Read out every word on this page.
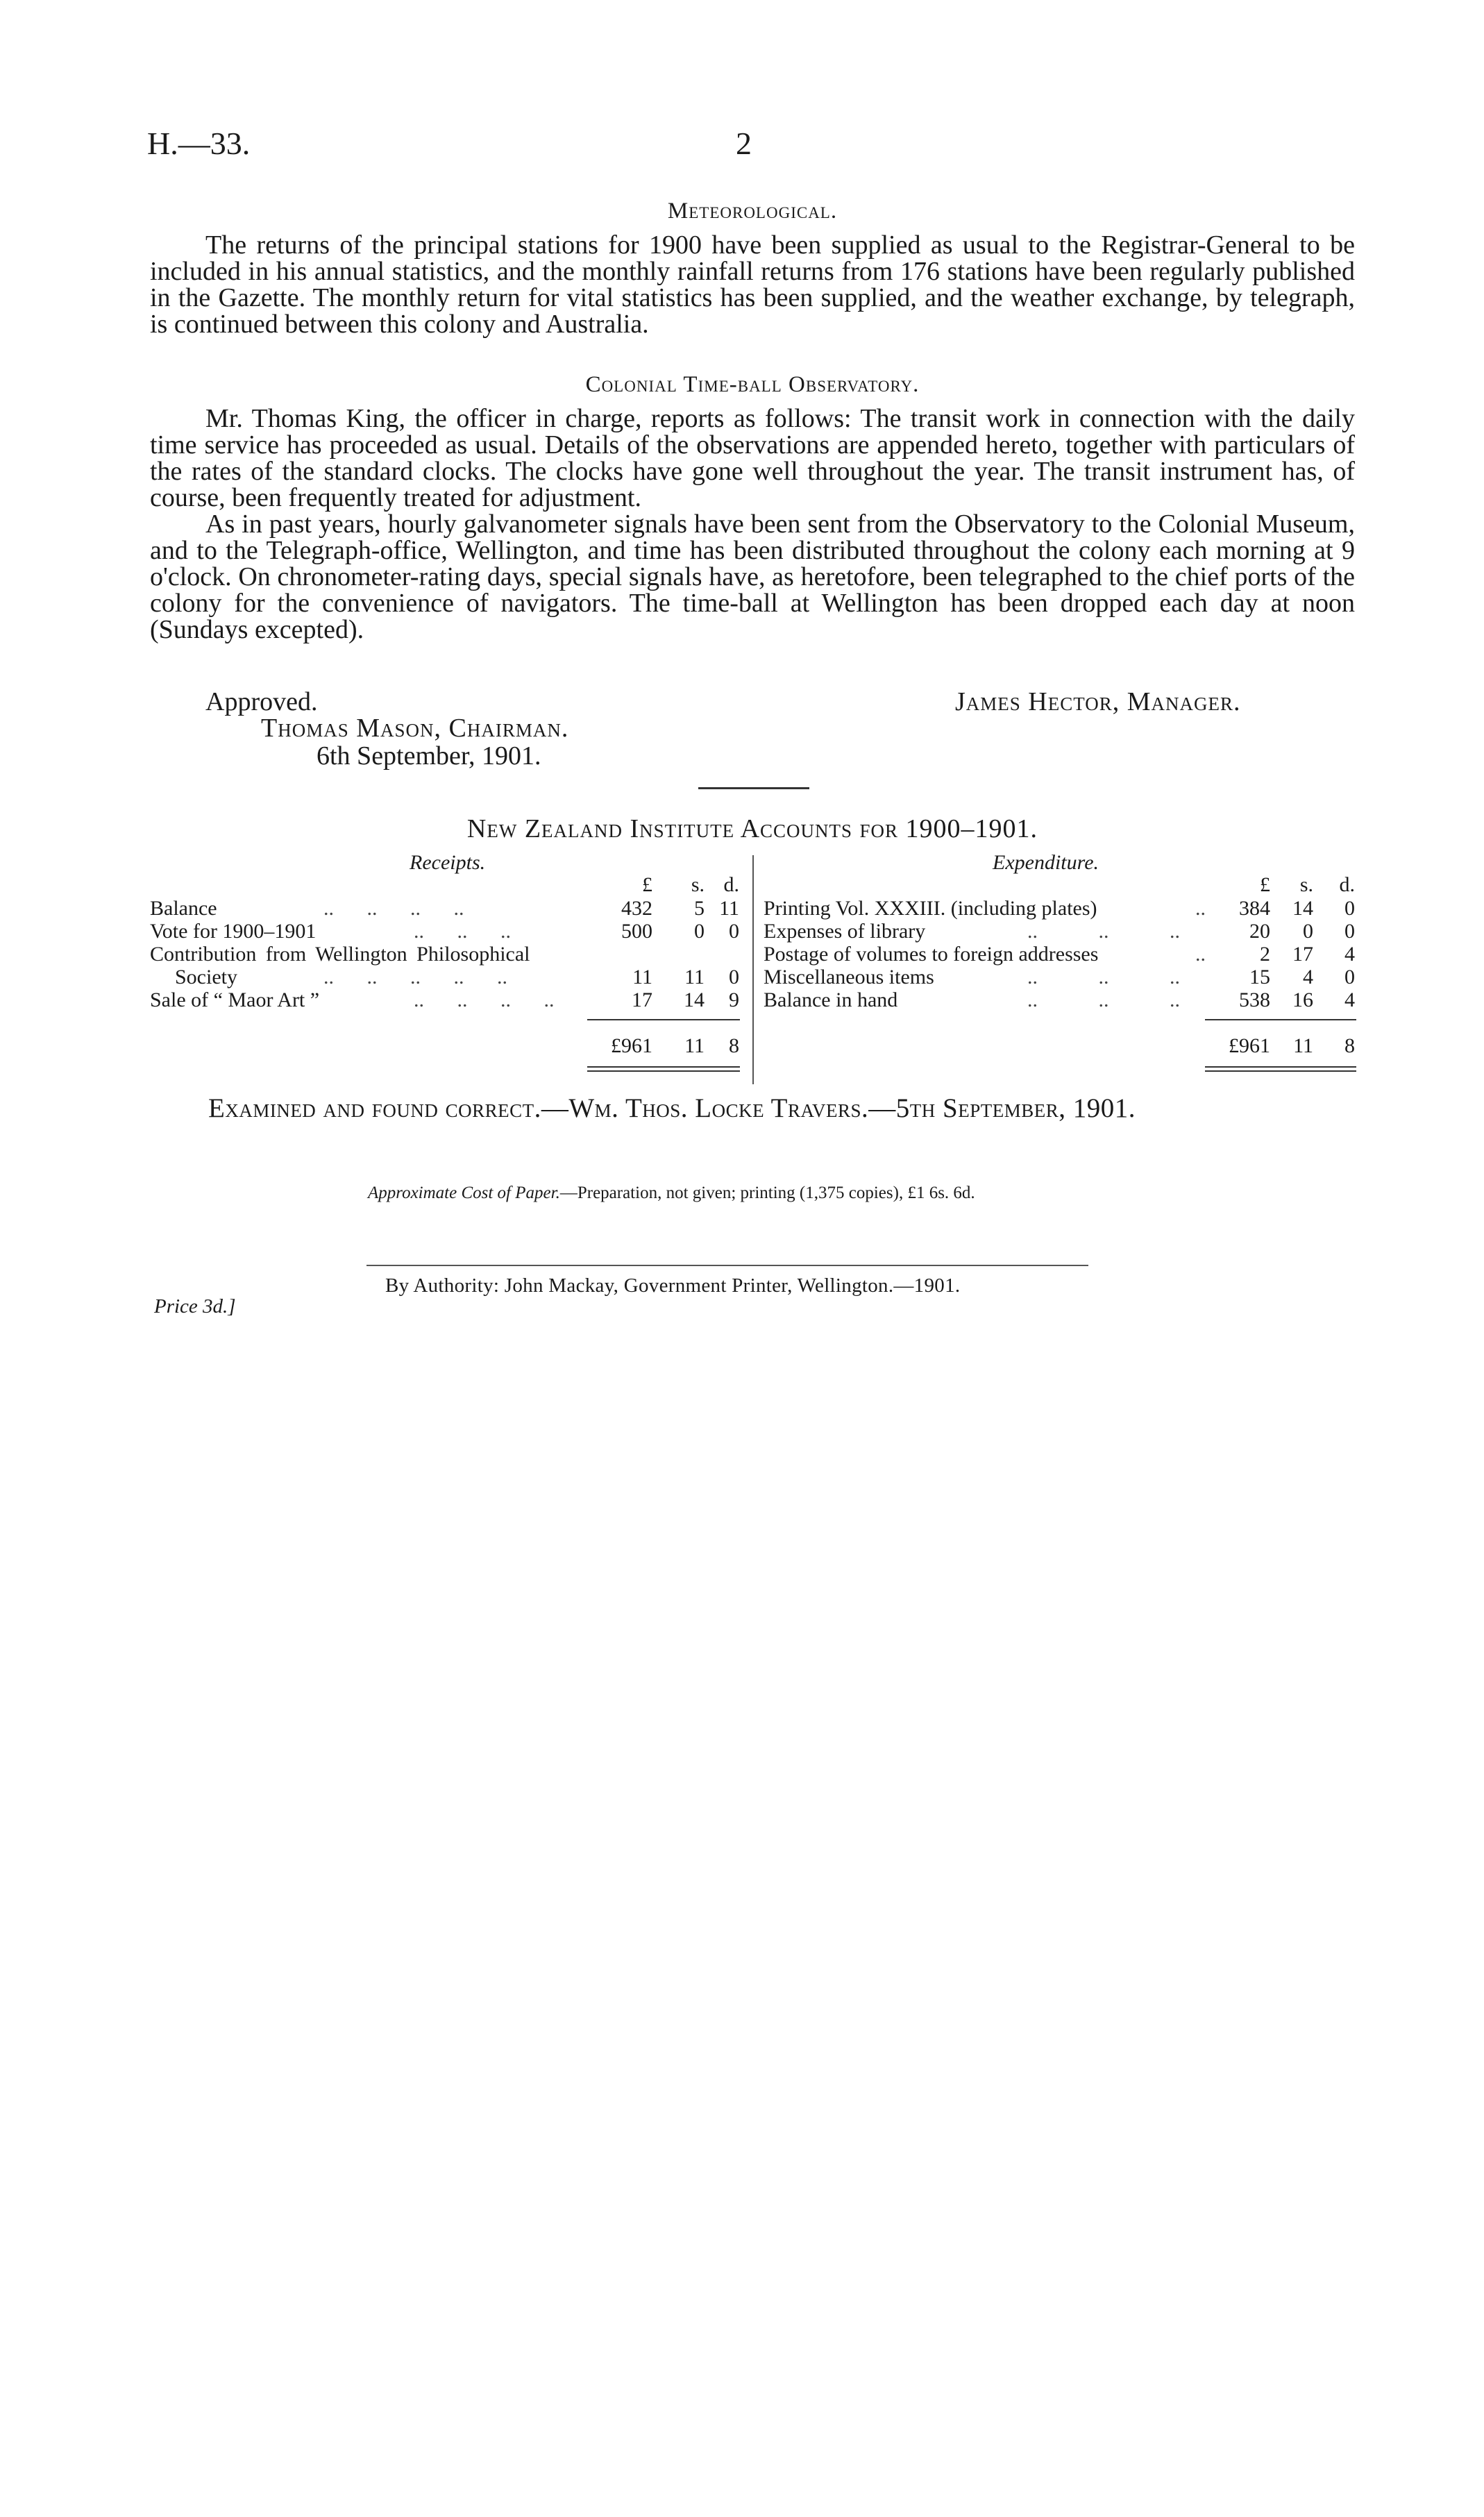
H.—33.	2
Meteorological.

The returns of the principal stations for 1900 have been supplied as usual to the Registrar-General to be included in his annual statistics, and the monthly rainfall returns from 176 stations have been regularly published in the Gazette. The monthly return for vital statistics has been supplied, and the weather exchange, by telegraph, is continued between this colony and Australia.

Colonial Time-ball Observatory.

Mr. Thomas King, the officer in charge, reports as follows: The transit work in connection with the daily time service has proceeded as usual. Details of the observations are appended hereto, together with particulars of the rates of the standard clocks. The clocks have gone well throughout the year. The transit instrument has, of course, been frequently treated for adjustment.

As in past years, hourly galvanometer signals have been sent from the Observatory to the Colonial Museum, and to the Telegraph-office, Wellington, and time has been distributed throughout the colony each morning at 9 o'clock. On chronometer-rating days, special signals have, as heretofore, been telegraphed to the chief ports of the colony for the convenience of navigators. The time-ball at Wellington has been dropped each day at noon (Sundays excepted).

Approved.	James Hector, Manager.
Thomas Mason, Chairman.
6th September, 1901.
New Zealand Institute Accounts for 1900–1901.
Receipts.
£	s. d.
Balance	.. .. .. ..	432	5 11
Vote for 1900–1901	.. .. ..	500	0	0
Contribution from Wellington Philosophical
Society	.. .. .. .. ..	11	11	0
Sale of “ Maor Art ”	.. .. .. ..	17	14	9
£961	11	8
Expenditure.
£	s. d.
Printing Vol. XXXIII. (including plates)	..	384	14	0
Expenses of library	.. .. ..	20	0	0
Postage of volumes to foreign addresses	..	2	17	4
Miscellaneous items	.. .. ..	15	4	0
Balance in hand	.. .. ..	538	16	4
£961	11	8
Examined and found correct.—Wm. Thos. Locke Travers.—5th September, 1901.
Approximate Cost of Paper.—Preparation, not given; printing (1,375 copies), £1 6s. 6d.
By Authority: John Mackay, Government Printer, Wellington.—1901.
Price 3d.]
